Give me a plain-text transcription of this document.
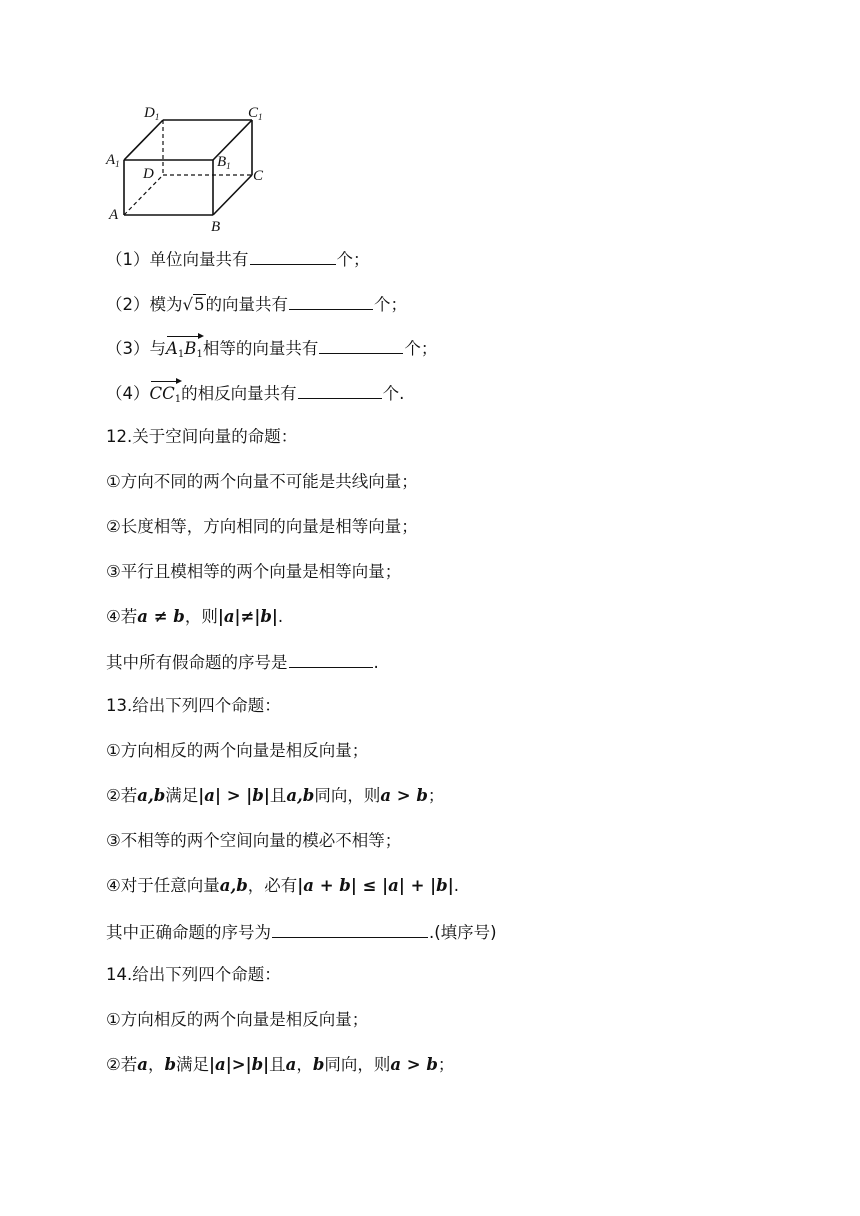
$D_1$	$C_1$
$A_1$	$B_1$
D	C
A
B
（1）单位向量共有	个；
（2）模为√5的向量共有	个；
（3）与$A_1B_1$相等的向量共有	个；
$(4)CC_1$的相反向量共有	个.
12.关于空间向量的命题：
①方向不同的两个向量不可能是共线向量；
②长度相等，方向相同的向量是相等向量；
③平行且模相等的两个向量是相等向量；
④若a ≠ b，则|a|≠|b|.
其中所有假命题的序号是	.
13.给出下列四个命题：
①方向相反的两个向量是相反向量；
②若a,b满足|a| > |b|且a,b同向，则a > b；
③不相等的两个空间向量的模必不相等；
④对于任意向量a,b，必有|a + b| ≤ |a| + |b|.
其中正确命题的序号为	.(填序号)
14.给出下列四个命题：
①方向相反的两个向量是相反向量；
②若a，b满足|a|>|b|且a，b同向，则a > b；
